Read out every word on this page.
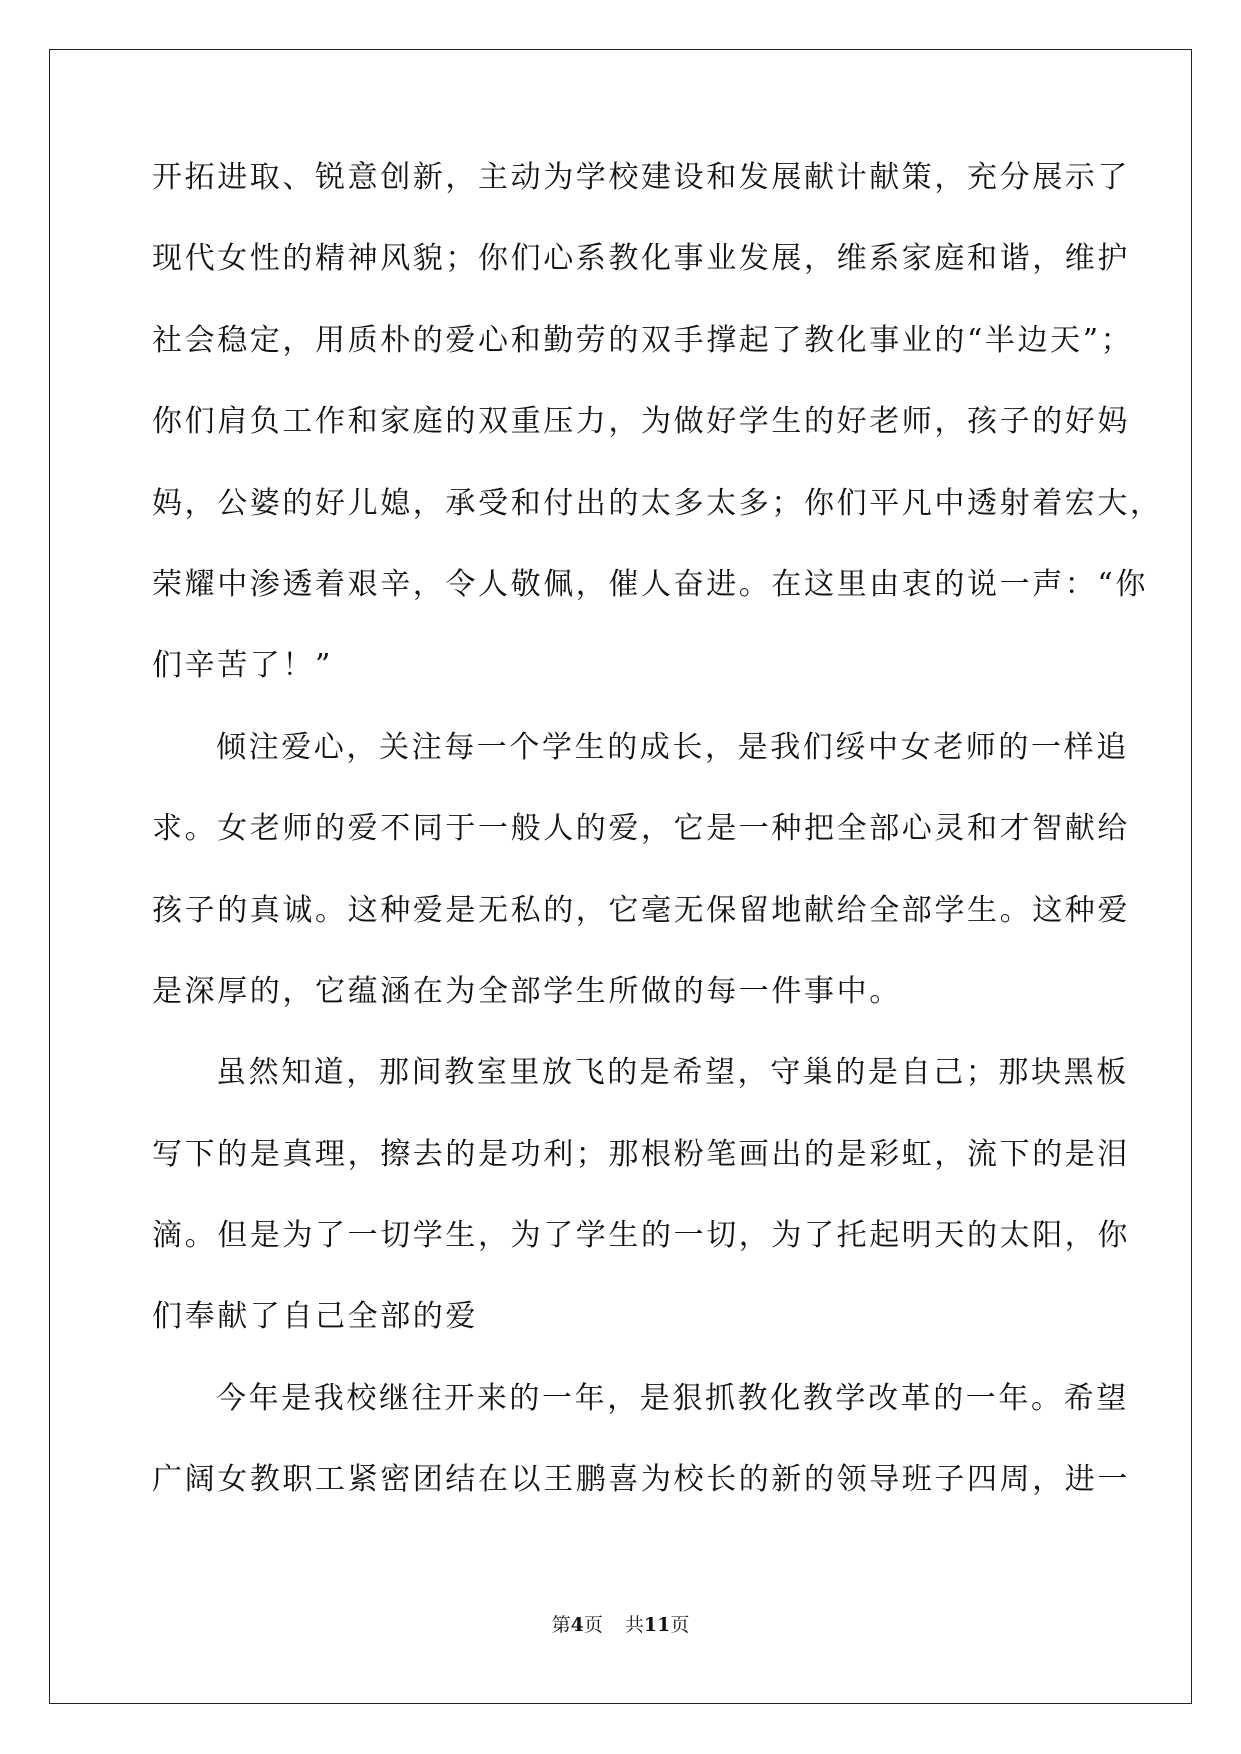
开拓进取、锐意创新，主动为学校建设和发展献计献策，充分展示了
现代女性的精神风貌；你们心系教化事业发展，维系家庭和谐，维护
社会稳定，用质朴的爱心和勤劳的双手撑起了教化事业的“半边天”；
你们肩负工作和家庭的双重压力，为做好学生的好老师，孩子的好妈
妈，公婆的好儿媳，承受和付出的太多太多；你们平凡中透射着宏大，
荣耀中渗透着艰辛，令人敬佩，催人奋进。在这里由衷的说一声：“你
们辛苦了！”
倾注爱心，关注每一个学生的成长，是我们绥中女老师的一样追
求。女老师的爱不同于一般人的爱，它是一种把全部心灵和才智献给
孩子的真诚。这种爱是无私的，它毫无保留地献给全部学生。这种爱
是深厚的，它蕴涵在为全部学生所做的每一件事中。
虽然知道，那间教室里放飞的是希望，守巢的是自己；那块黑板
写下的是真理，擦去的是功利；那根粉笔画出的是彩虹，流下的是泪
滴。但是为了一切学生，为了学生的一切，为了托起明天的太阳，你
们奉献了自己全部的爱
今年是我校继往开来的一年，是狠抓教化教学改革的一年。希望
广阔女教职工紧密团结在以王鹏喜为校长的新的领导班子四周，进一
第4页 共11页
